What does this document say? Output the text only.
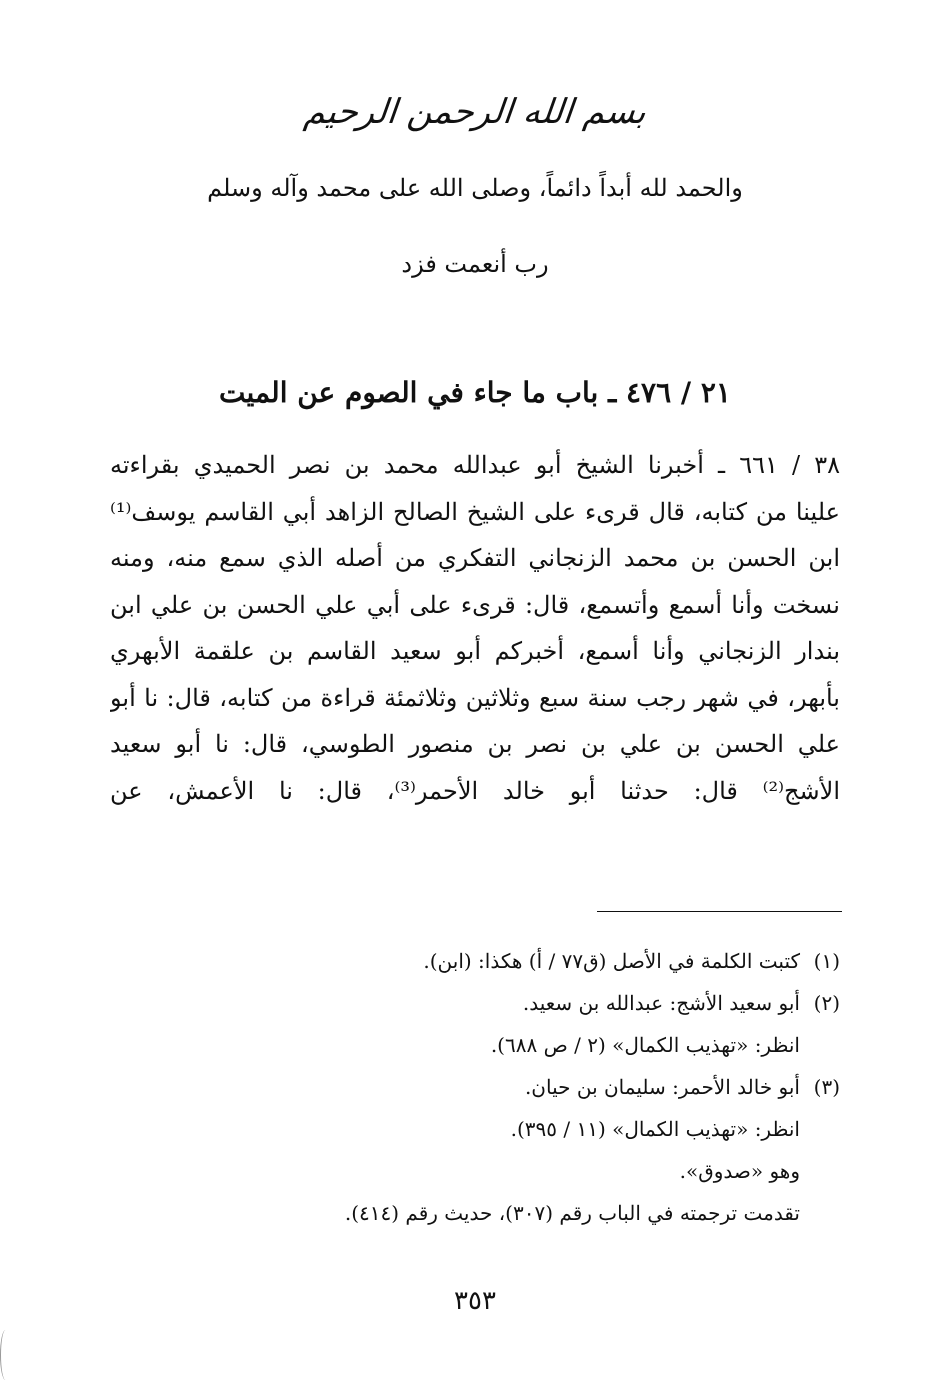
بسم الله الرحمن الرحيم
والحمد لله أبداً دائماً، وصلى الله على محمد وآله وسلم
رب أنعمت فزد
٢١ / ٤٧٦ ـ باب ما جاء في الصوم عن الميت
٣٨ / ٦٦١ ـ أخبرنا الشيخ أبو عبدالله محمد بن نصر الحميدي بقراءته
علينا من كتابه، قال قرىء على الشيخ الصالح الزاهد أبي القاسم يوسف⁽¹⁾
ابن الحسن بن محمد الزنجاني التفكري من أصله الذي سمع منه، ومنه
نسخت وأنا أسمع وأتسمع، قال: قرىء على أبي علي الحسن بن علي ابن
بندار الزنجاني وأنا أسمع، أخبركم أبو سعيد القاسم بن علقمة الأبهري
بأبهر، في شهر رجب سنة سبع وثلاثين وثلاثمئة قراءة من كتابه، قال: نا أبو
علي الحسن بن علي بن نصر بن منصور الطوسي، قال: نا أبو سعيد
الأشج⁽²⁾ قال: حدثنا أبو خالد الأحمر⁽³⁾، قال: نا الأعمش، عن
(١)كتبت الكلمة في الأصل (ق٧٧ / أ) هكذا: (ابن).
(٢)أبو سعيد الأشج: عبدالله بن سعيد.
انظر: «تهذيب الكمال» (٢ / ص ٦٨٨).
(٣)أبو خالد الأحمر: سليمان بن حيان.
انظر: «تهذيب الكمال» (١١ / ٣٩٥).
وهو «صدوق».
تقدمت ترجمته في الباب رقم (٣٠٧)، حديث رقم (٤١٤).
٣٥٣
